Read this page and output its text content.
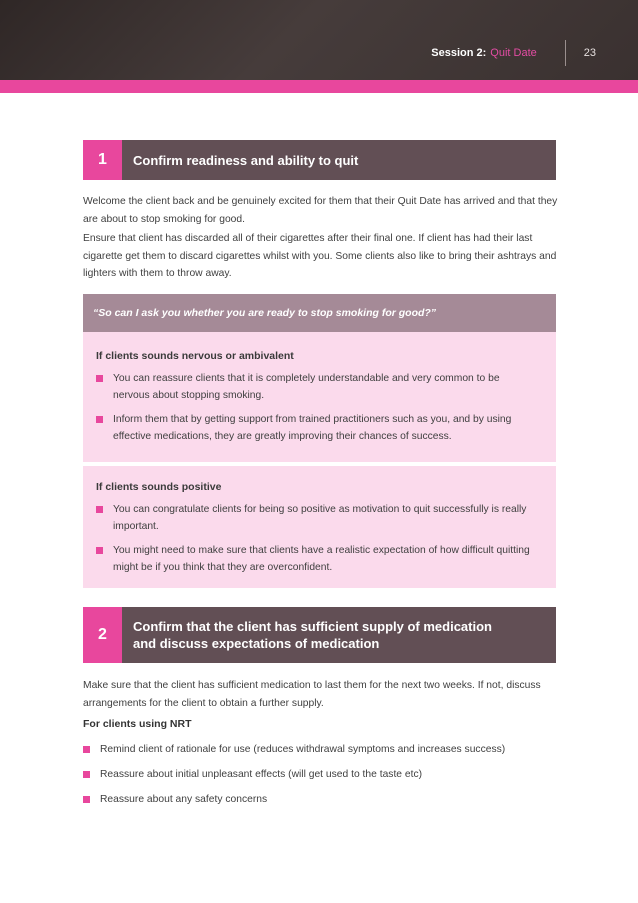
Session 2: Quit Date	23
1	Confirm readiness and ability to quit

Welcome the client back and be genuinely excited for them that their Quit Date has arrived and that they are about to stop smoking for good.

Ensure that client has discarded all of their cigarettes after their final one. If client has had their last cigarette get them to discard cigarettes whilst with you. Some clients also like to bring their ashtrays and lighters with them to throw away.

“So can I ask you whether you are ready to stop smoking for good?”
If clients sounds nervous or ambivalent
You can reassure clients that it is completely understandable and very common to be nervous about stopping smoking.
Inform them that by getting support from trained practitioners such as you, and by using effective medications, they are greatly improving their chances of success.
If clients sounds positive
You can congratulate clients for being so positive as motivation to quit successfully is really important.
You might need to make sure that clients have a realistic expectation of how difficult quitting might be if you think that they are overconfident.
2	Confirm that the client has sufficient supply of medication
and discuss expectations of medication

Make sure that the client has sufficient medication to last them for the next two weeks. If not, discuss arrangements for the client to obtain a further supply.

For clients using NRT

Remind client of rationale for use (reduces withdrawal symptoms and increases success)
Reassure about initial unpleasant effects (will get used to the taste etc)
Reassure about any safety concerns
